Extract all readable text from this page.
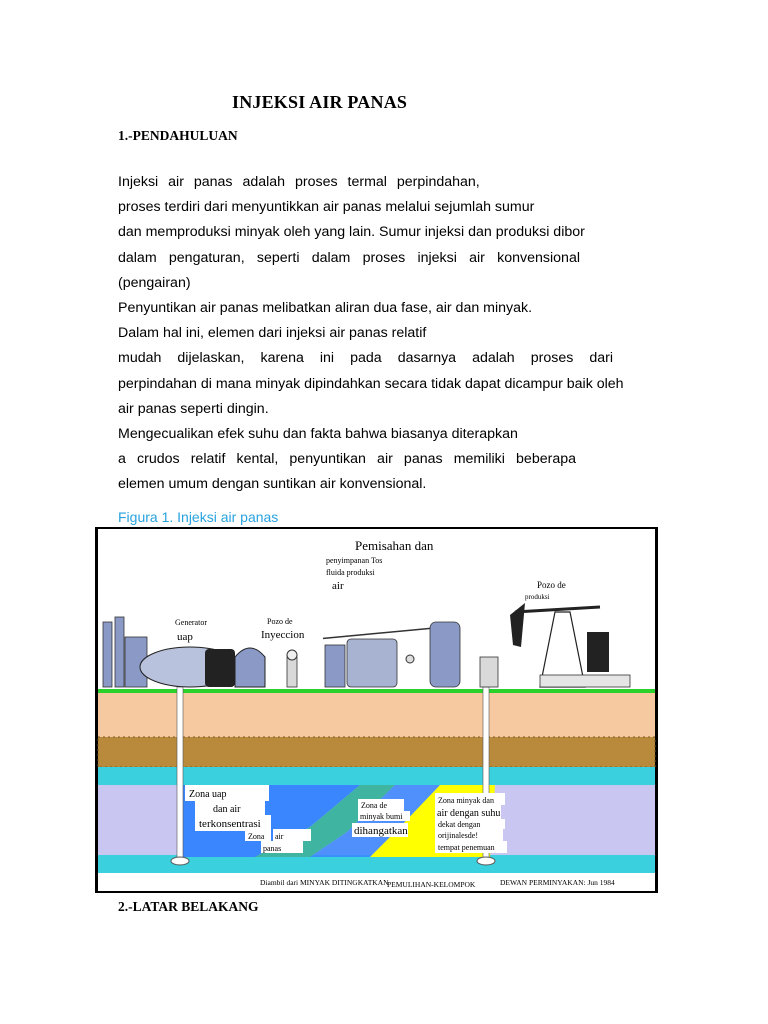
INJEKSI AIR PANAS
1.-PENDAHULUAN
Injeksi air panas adalah proses termal perpindahan,
proses terdiri dari menyuntikkan air panas melalui sejumlah sumur
dan memproduksi minyak oleh yang lain. Sumur injeksi dan produksi dibor
dalam pengaturan, seperti dalam proses injeksi air konvensional
(pengairan)
Penyuntikan air panas melibatkan aliran dua fase, air dan minyak.
Dalam hal ini, elemen dari injeksi air panas relatif
mudah dijelaskan, karena ini pada dasarnya adalah proses dari
perpindahan di mana minyak dipindahkan secara tidak dapat dicampur baik oleh
air panas seperti dingin.
Mengecualikan efek suhu dan fakta bahwa biasanya diterapkan
a crudos relatif kental, penyuntikan air panas memiliki beberapa
elemen umum dengan suntikan air konvensional.
Figura 1. Injeksi air panas
Pemisahan dan
penyimpanan Tos
fluida produksi
air
Generator
uap
Pozo de
Inyeccion
Pozo de
produksi
Zona uap
dan air
terkonsentrasi
Zona air
panas
Zona de
minyak bumi
dihangatkan
Zona minyak dan
air dengan suhu
dekat dengan
orijinalesde!
tempat penemuan
Diambil dari MINYAK DITINGKATKAN
PEMULIHAN-KELOMPOK	DEWAN PERMINYAKAN: Jun 1984
2.-LATAR BELAKANG
